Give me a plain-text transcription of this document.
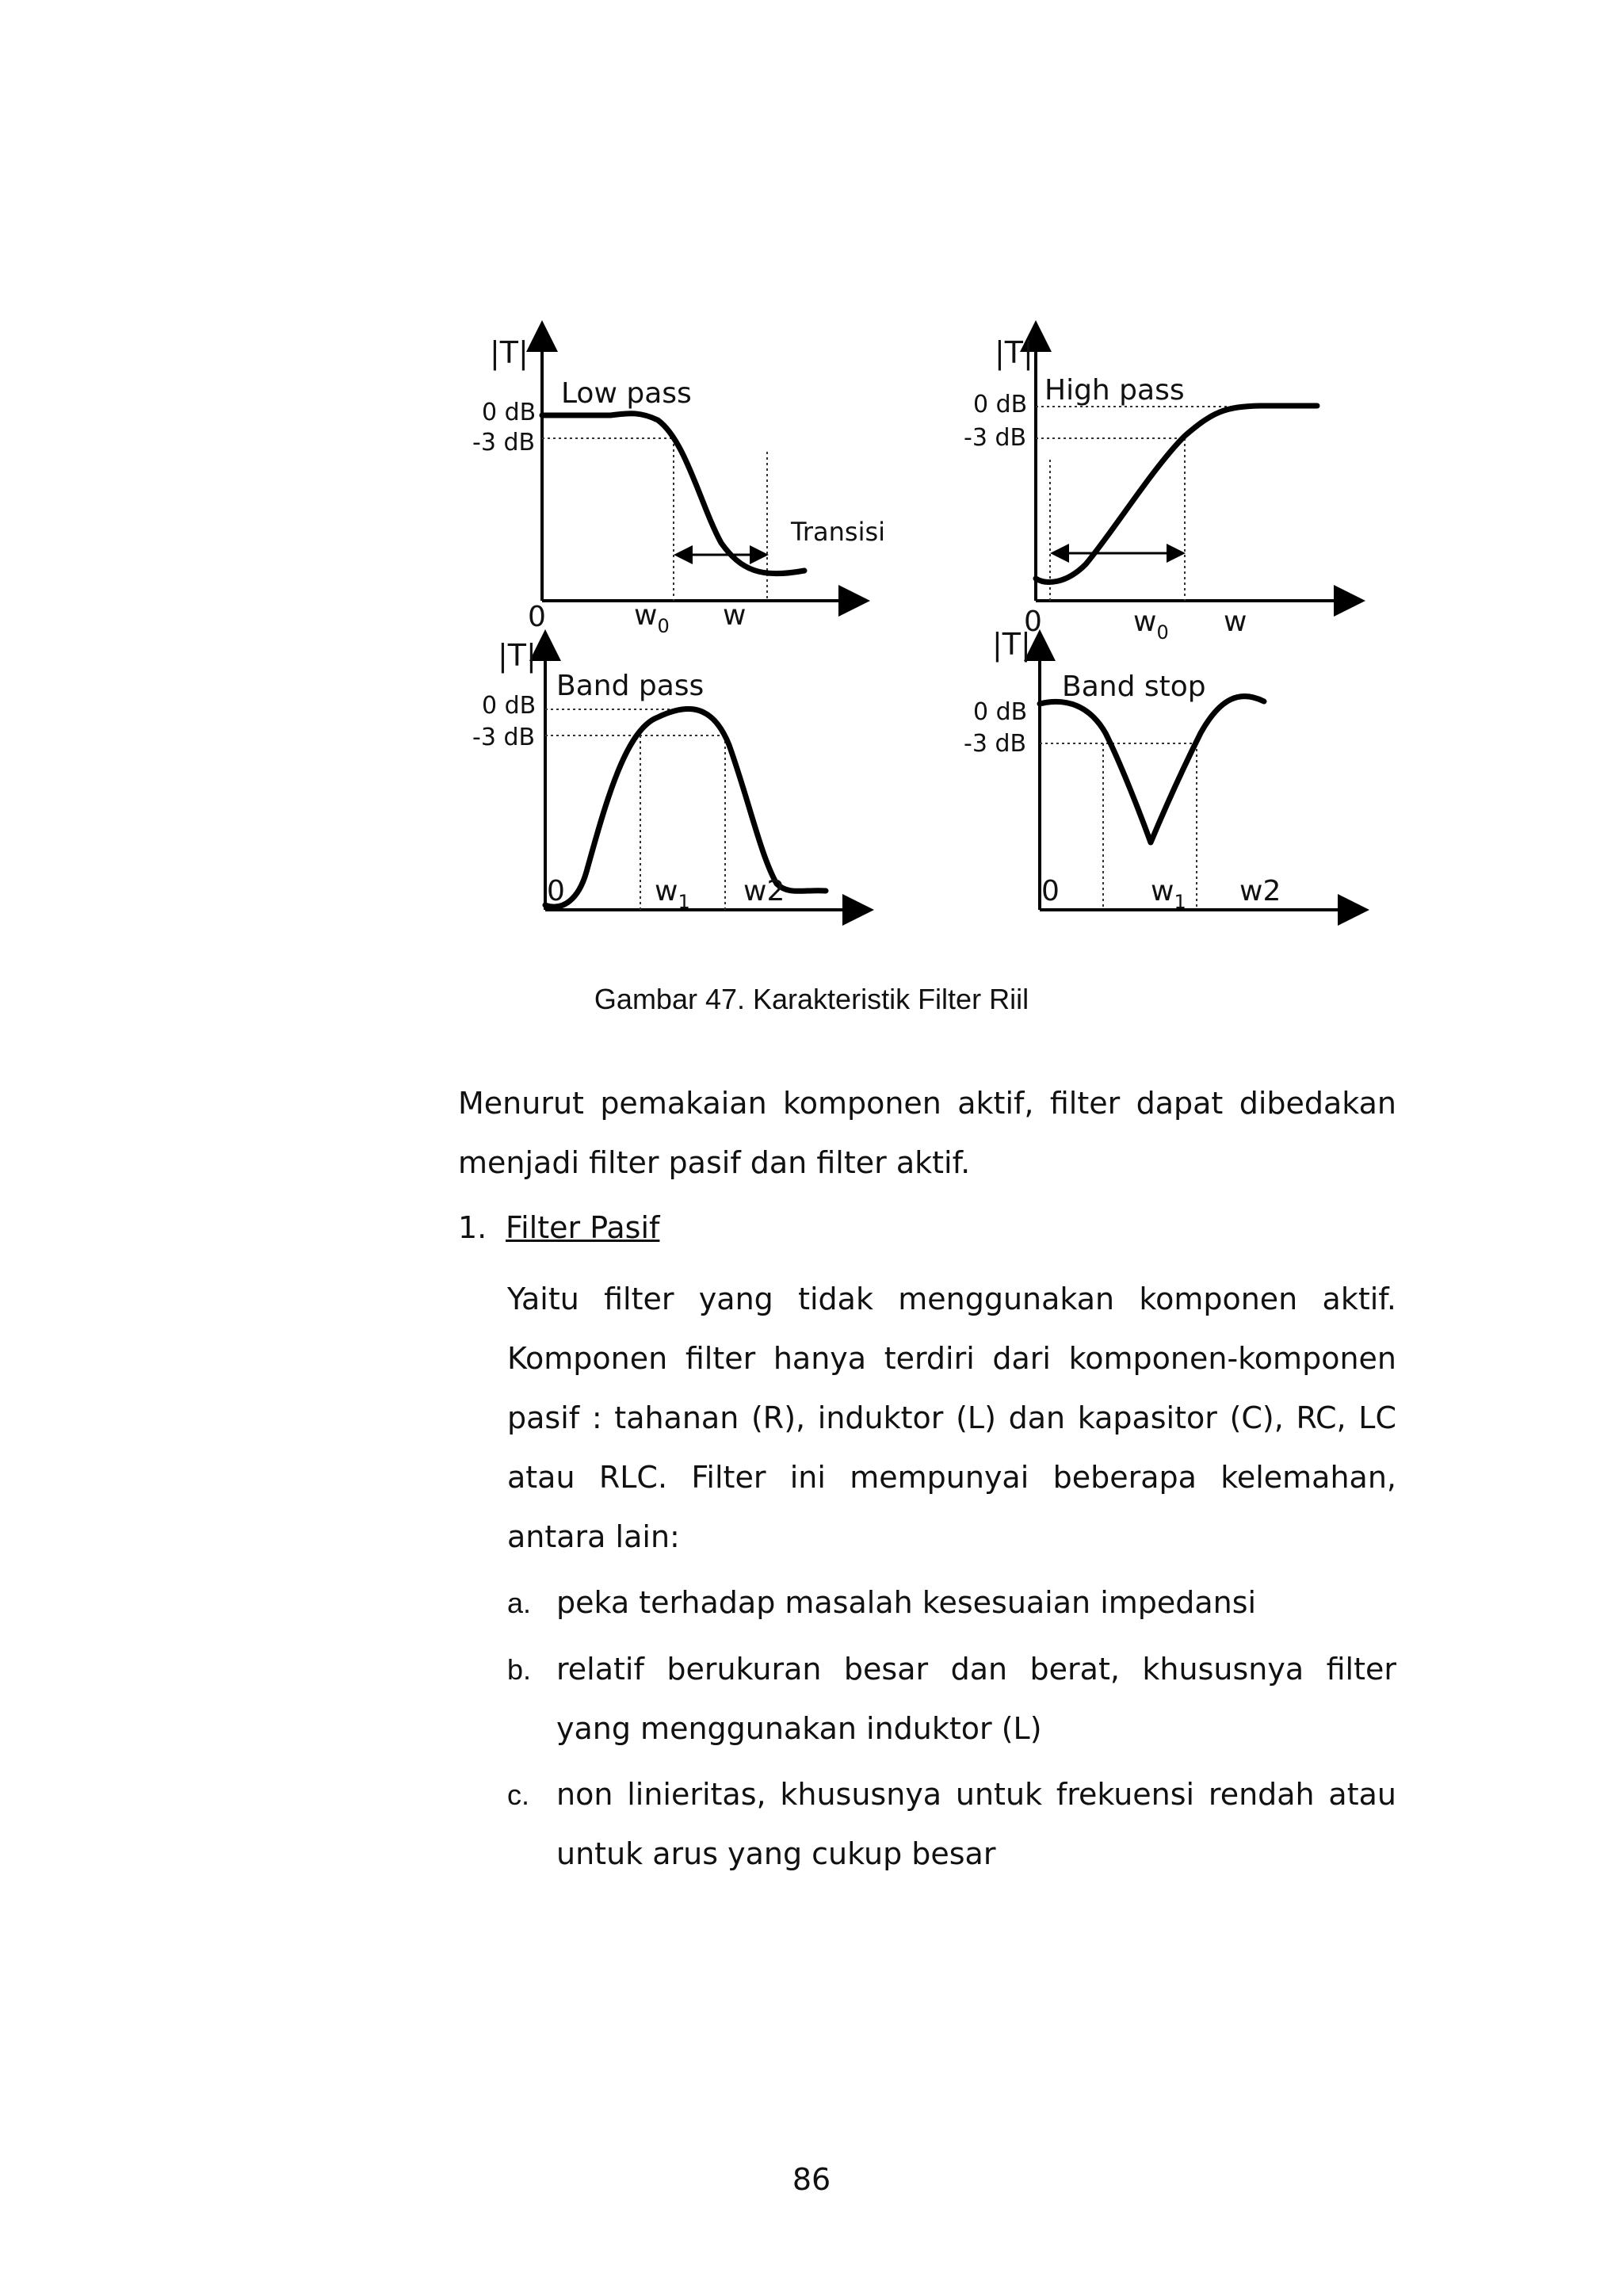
|T|
Low pass
0 dB
-3 dB
Transisi
0	$w_0$ w
|T|
High pass
0 dB
-3 dB
0	$w_0$ w
|T|
Band pass
0 dB
-3 dB
0	$w_1$ w2
|T|
Band stop
0 dB
-3 dB
0	$w_1$ w2
Gambar 47. Karakteristik Filter Riil

Menurut pemakaian komponen aktif, filter dapat dibedakan menjadi filter pasif dan filter aktif.

1. Filter Pasif

Yaitu filter yang tidak menggunakan komponen aktif. Komponen filter hanya terdiri dari komponen-komponen pasif : tahanan (R), induktor (L) dan kapasitor (C), RC, LC atau RLC. Filter ini mempunyai beberapa kelemahan, antara lain:

a. peka terhadap masalah kesesuaian impedansi
b. relatif berukuran besar dan berat, khususnya filter yang menggunakan induktor (L)
c. non linieritas, khususnya untuk frekuensi rendah atau untuk arus yang cukup besar
86
